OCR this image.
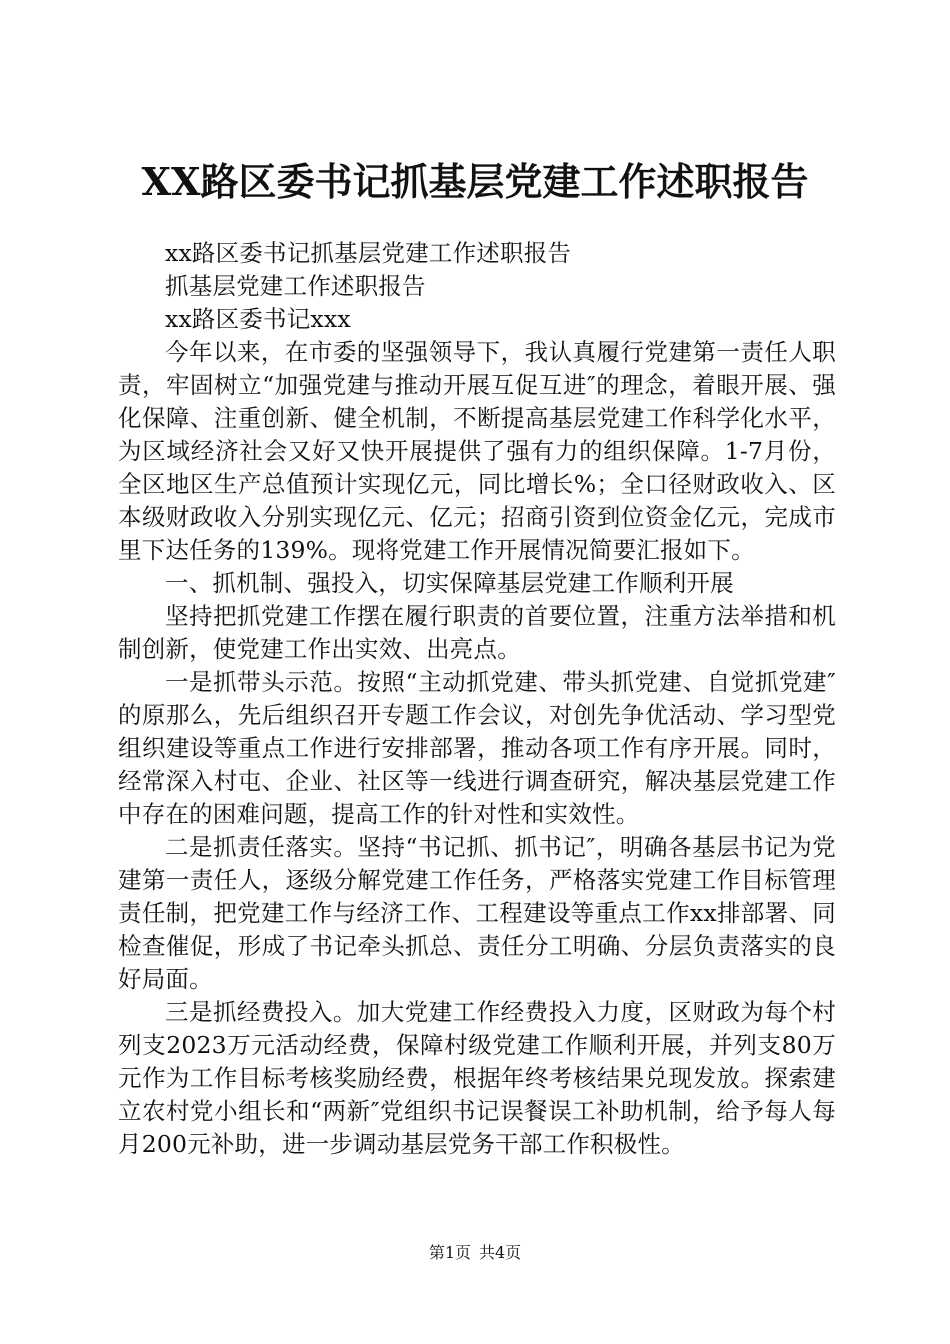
XX路区委书记抓基层党建工作述职报告

xx路区委书记抓基层党建工作述职报告

抓基层党建工作述职报告

xx路区委书记xxx

今年以来，在市委的坚强领导下，我认真履行党建第一责任人职责，牢固树立“加强党建与推动开展互促互进″的理念，着眼开展、强化保障、注重创新、健全机制，不断提高基层党建工作科学化水平，为区域经济社会又好又快开展提供了强有力的组织保障。1-7月份，全区地区生产总值预计实现亿元，同比增长%；全口径财政收入、区本级财政收入分别实现亿元、亿元；招商引资到位资金亿元，完成市里下达任务的139%。现将党建工作开展情况简要汇报如下。

一、抓机制、强投入，切实保障基层党建工作顺利开展

坚持把抓党建工作摆在履行职责的首要位置，注重方法举措和机制创新，使党建工作出实效、出亮点。

一是抓带头示范。按照“主动抓党建、带头抓党建、自觉抓党建″的原那么，先后组织召开专题工作会议，对创先争优活动、学习型党组织建设等重点工作进行安排部署，推动各项工作有序开展。同时，经常深入村屯、企业、社区等一线进行调查研究，解决基层党建工作中存在的困难问题，提高工作的针对性和实效性。

二是抓责任落实。坚持“书记抓、抓书记″，明确各基层书记为党建第一责任人，逐级分解党建工作任务，严格落实党建工作目标管理责任制，把党建工作与经济工作、工程建设等重点工作xx排部署、同检查催促，形成了书记牵头抓总、责任分工明确、分层负责落实的良好局面。

三是抓经费投入。加大党建工作经费投入力度，区财政为每个村列支2023万元活动经费，保障村级党建工作顺利开展，并列支80万元作为工作目标考核奖励经费，根据年终考核结果兑现发放。探索建立农村党小组长和“两新″党组织书记误餐误工补助机制，给予每人每月200元补助，进一步调动基层党务干部工作积极性。

第1页 共4页
